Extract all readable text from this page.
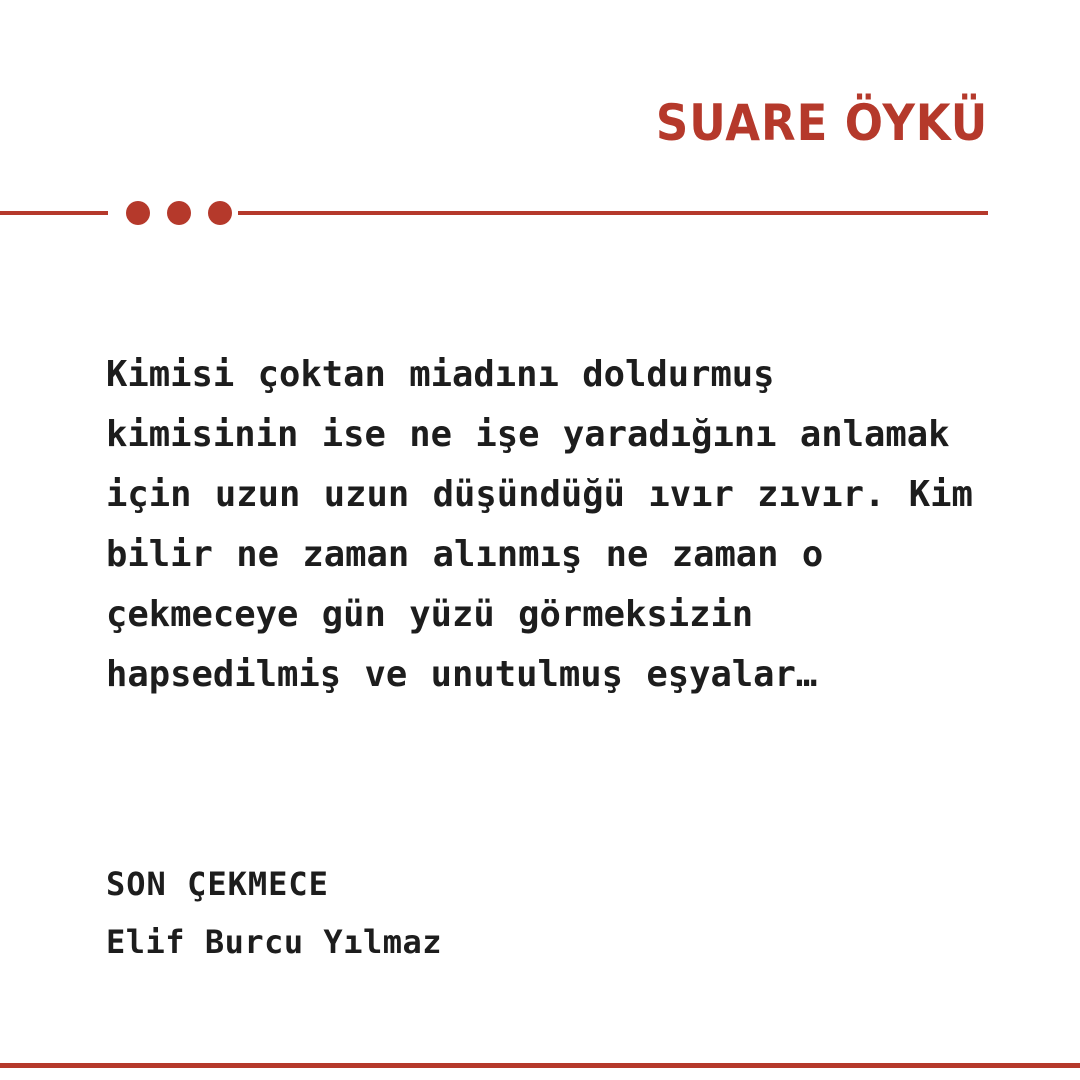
SUARE ÖYKÜ
Kimisi çoktan miadını doldurmuş kimisinin ise ne işe yaradığını anlamak için uzun uzun düşündüğü ıvır zıvır. Kim bilir ne zaman alınmış ne zaman o çekmeceye gün yüzü görmeksizin hapsedilmiş ve unutulmuş eşyalar…
SON ÇEKMECE
Elif Burcu Yılmaz
